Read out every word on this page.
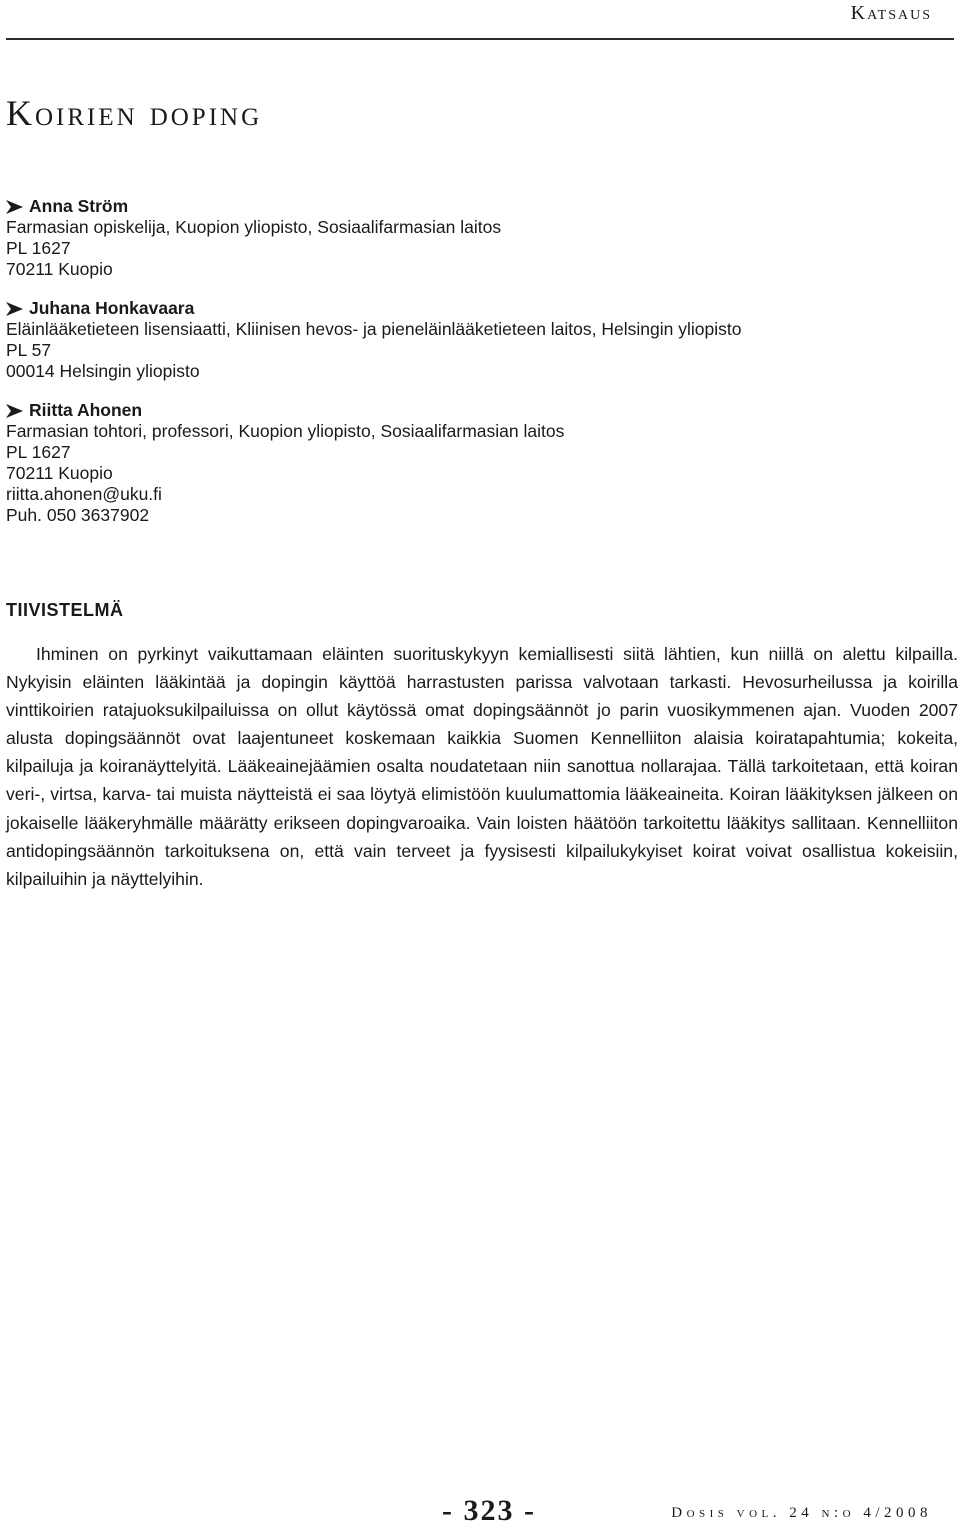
Katsaus
Koirien doping
Anna Ström
Farmasian opiskelija, Kuopion yliopisto, Sosiaalifarmasian laitos
PL 1627
70211 Kuopio
Juhana Honkavaara
Eläinlääketieteen lisensiaatti, Kliinisen hevos- ja pieneläinlääketieteen laitos, Helsingin yliopisto
PL 57
00014 Helsingin yliopisto
Riitta Ahonen
Farmasian tohtori, professori, Kuopion yliopisto, Sosiaalifarmasian laitos
PL 1627
70211 Kuopio
riitta.ahonen@uku.fi
Puh. 050 3637902
TIIVISTELMÄ

Ihminen on pyrkinyt vaikuttamaan eläinten suorituskykyyn kemiallisesti siitä lähtien, kun niillä on alettu kilpailla. Nykyisin eläinten lääkintää ja dopingin käyttöä harrastusten parissa valvotaan tarkasti. Hevosurheilussa ja koirilla vinttikoirien ratajuoksukilpailuissa on ollut käytössä omat dopingsäännöt jo parin vuosikymmenen ajan. Vuoden 2007 alusta dopingsäännöt ovat laajentuneet koskemaan kaikkia Suomen Kennelliiton alaisia koiratapahtumia; kokeita, kilpailuja ja koiranäyttelyitä. Lääkeainejäämien osalta noudatetaan niin sanottua nollarajaa. Tällä tarkoitetaan, että koiran veri-, virtsa, karva- tai muista näytteistä ei saa löytyä elimistöön kuulumattomia lääkeaineita. Koiran lääkityksen jälkeen on jokaiselle lääkeryhmälle määrätty erikseen dopingvaroaika. Vain loisten häätöön tarkoitettu lääkitys sallitaan. Kennelliiton antidopingsäännön tarkoituksena on, että vain terveet ja fyysisesti kilpailukykyiset koirat voivat osallistua kokeisiin, kilpailuihin ja näyttelyihin.

- 323 -	Dosis vol. 24 n:o 4/2008
